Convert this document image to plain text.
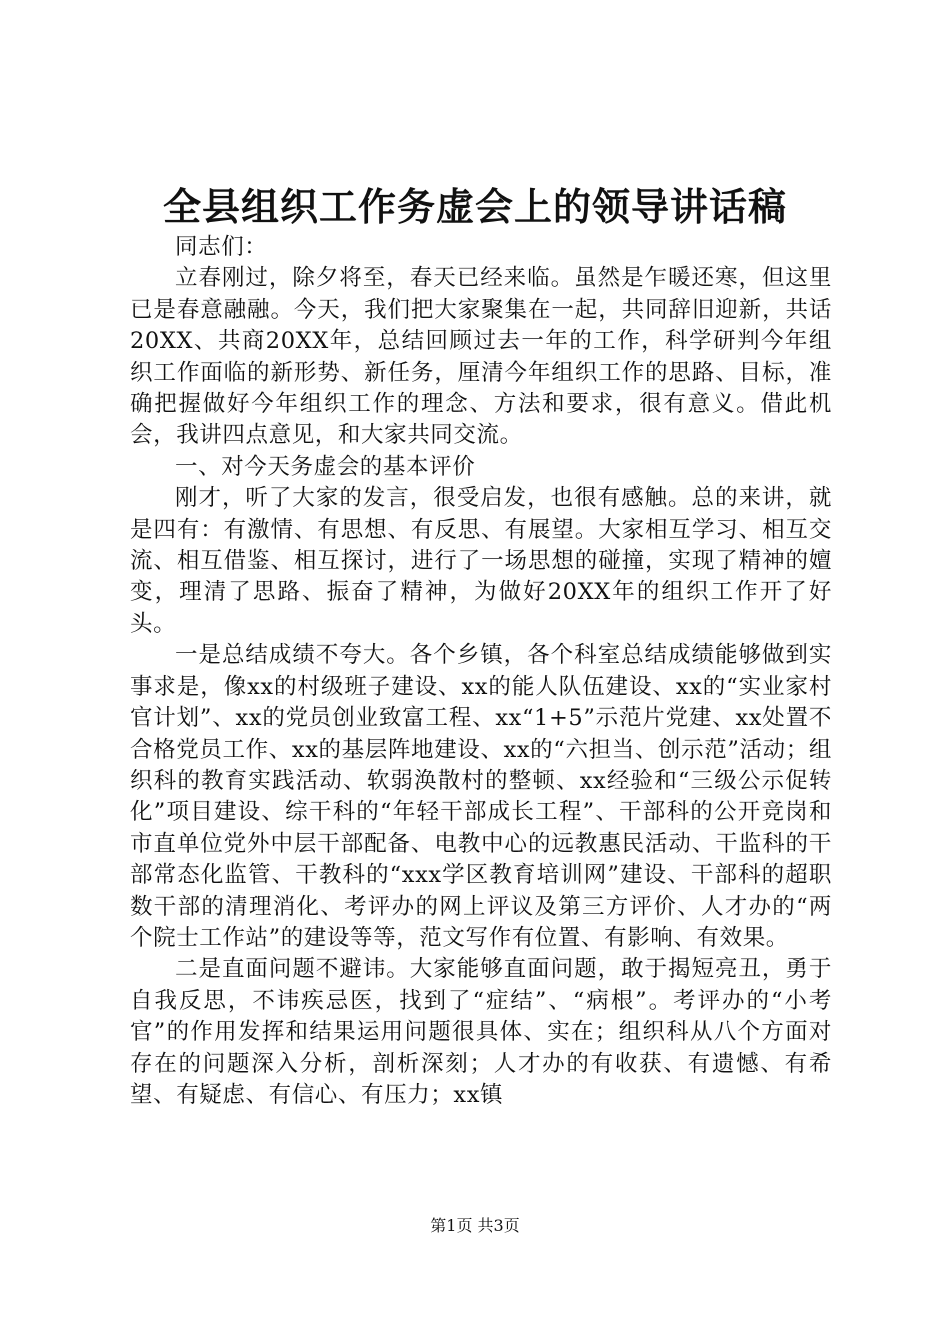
全县组织工作务虚会上的领导讲话稿

同志们：

立春刚过，除夕将至，春天已经来临。虽然是乍暖还寒，但这里已是春意融融。今天，我们把大家聚集在一起，共同辞旧迎新，共话20XX、共商20XX年，总结回顾过去一年的工作，科学研判今年组织工作面临的新形势、新任务，厘清今年组织工作的思路、目标，准确把握做好今年组织工作的理念、方法和要求，很有意义。借此机会，我讲四点意见，和大家共同交流。

一、对今天务虚会的基本评价

刚才，听了大家的发言，很受启发，也很有感触。总的来讲，就是四有：有激情、有思想、有反思、有展望。大家相互学习、相互交流、相互借鉴、相互探讨，进行了一场思想的碰撞，实现了精神的嬗变，理清了思路、振奋了精神，为做好20XX年的组织工作开了好头。

一是总结成绩不夸大。各个乡镇，各个科室总结成绩能够做到实事求是，像xx的村级班子建设、xx的能人队伍建设、xx的“实业家村官计划”、xx的党员创业致富工程、xx“1+5”示范片党建、xx处置不合格党员工作、xx的基层阵地建设、xx的“六担当、创示范”活动；组织科的教育实践活动、软弱涣散村的整顿、xx经验和“三级公示促转化”项目建设、综干科的“年轻干部成长工程”、干部科的公开竞岗和市直单位党外中层干部配备、电教中心的远教惠民活动、干监科的干部常态化监管、干教科的“xxx学区教育培训网”建设、干部科的超职数干部的清理消化、考评办的网上评议及第三方评价、人才办的“两个院士工作站”的建设等等，范文写作有位置、有影响、有效果。

二是直面问题不避讳。大家能够直面问题，敢于揭短亮丑，勇于自我反思，不讳疾忌医，找到了“症结”、“病根”。考评办的“小考官”的作用发挥和结果运用问题很具体、实在；组织科从八个方面对存在的问题深入分析，剖析深刻；人才办的有收获、有遗憾、有希望、有疑虑、有信心、有压力；xx镇

第1页 共3页
